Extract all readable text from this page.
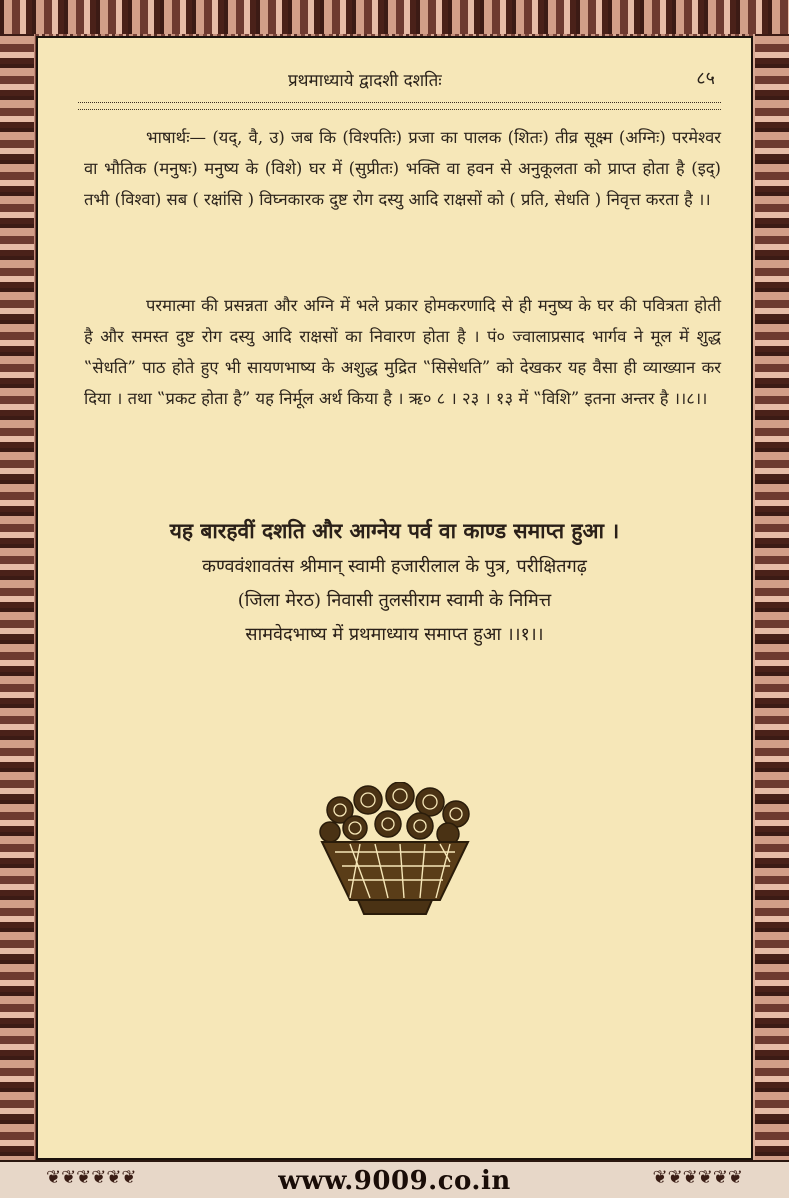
प्रथमाध्याये द्वादशी दशतिः	८५
भाषार्थः— (यद्, वै, उ) जब कि (विश्पतिः) प्रजा का पालक (शितः) तीव्र सूक्ष्म (अग्निः) परमेश्वर वा भौतिक (मनुषः) मनुष्य के (विशे) घर में (सुप्रीतः) भक्ति वा हवन से अनुकूलता को प्राप्त होता है (इद्) तभी (विश्वा) सब ( रक्षांसि ) विघ्नकारक दुष्ट रोग दस्यु आदि राक्षसों को ( प्रति, सेधति ) निवृत्त करता है ।।
परमात्मा की प्रसन्नता और अग्नि में भले प्रकार होमकरणादि से ही मनुष्य के घर की पवित्रता होती है और समस्त दुष्ट रोग दस्यु आदि राक्षसों का निवारण होता है । पं० ज्वालाप्रसाद भार्गव ने मूल में शुद्ध ‟सेधति” पाठ होते हुए भी सायणभाष्य के अशुद्ध मुद्रित ‟सिसेधति” को देखकर यह वैसा ही व्याख्यान कर दिया । तथा ‟प्रकट होता है” यह निर्मूल अर्थ किया है । ऋ० ८ । २३ । १३ में ‟विशि” इतना अन्तर है ।।८।।
यह बारहवीं दशति और आग्नेय पर्व वा काण्ड समाप्त हुआ ।
कण्ववंशावतंस श्रीमान् स्वामी हजारीलाल के पुत्र, परीक्षितगढ़
(जिला मेरठ) निवासी तुलसीराम स्वामी के निमित्त
सामवेदभाष्य में प्रथमाध्याय समाप्त हुआ ।।१।।
❦❦❦❦❦❦	❦❦❦❦❦❦
www.9009.co.in
